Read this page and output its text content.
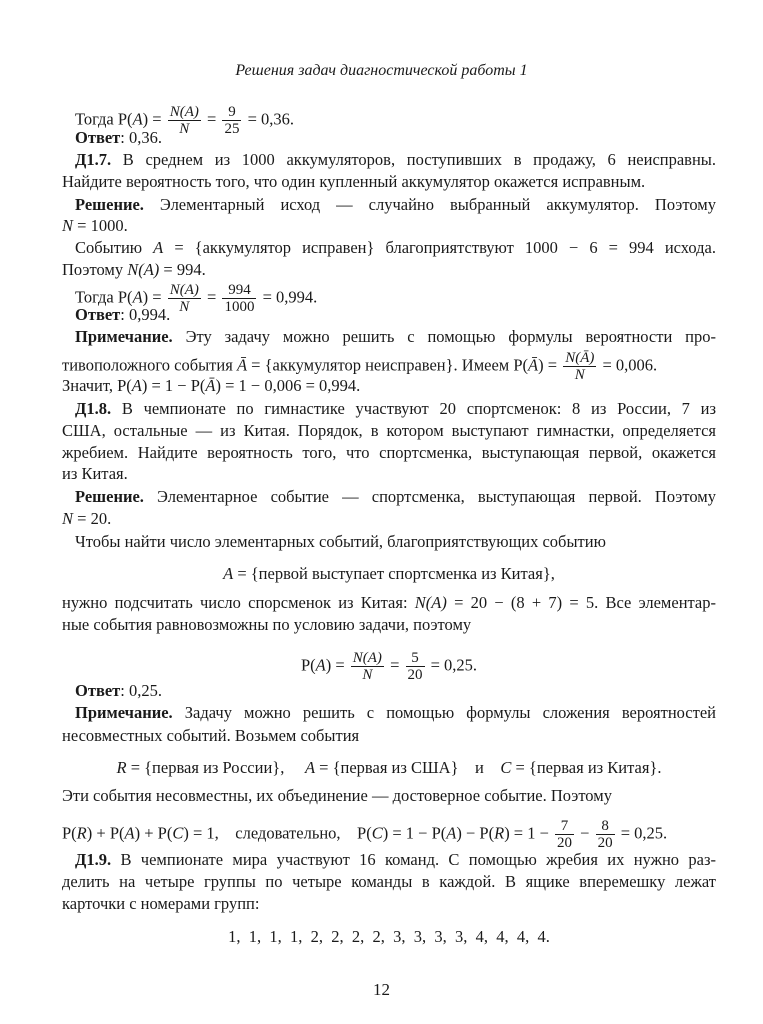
Решения задач диагностической работы 1
Тогда $P(A) = \frac{N(A)}{N} = \frac{9}{25} = 0,36$.
Ответ: 0,36.
Д1.7. В среднем из 1000 аккумуляторов, поступивших в продажу, 6 неисправны.
Найдите вероятность того, что один купленный аккумулятор окажется исправным.
Решение. Элементарный исход — случайно выбранный аккумулятор. Поэтому
N = 1000.
Событию A = {аккумулятор исправен} благоприятствуют 1000 − 6 = 994 исхода.
Поэтому N(A) = 994.
Тогда $P(A) = \frac{N(A)}{N} = \frac{994}{1000} = 0,994$.
Ответ: 0,994.
Примечание. Эту задачу можно решить с помощью формулы вероятности про-
тивоположного события Ā = {аккумулятор неисправен}. Имеем P(Ā) = $\frac{N(Ā)}{N} = 0,006$.
Значит, P(A) = 1 − P(Ā) = 1 − 0,006 = 0,994.
Д1.8. В чемпионате по гимнастике участвуют 20 спортсменок: 8 из России, 7 из
США, остальные — из Китая. Порядок, в котором выступают гимнастки, определяется
жребием. Найдите вероятность того, что спортсменка, выступающая первой, окажется
из Китая.
Решение. Элементарное событие — спортсменка, выступающая первой. Поэтому
N = 20.
Чтобы найти число элементарных событий, благоприятствующих событию
A = {первой выступает спортсменка из Китая},
нужно подсчитать число спорсменок из Китая: N(A) = 20 − (8 + 7) = 5. Все элементар-
ные события равновозможны по условию задачи, поэтому
$P(A) = \frac{N(A)}{N} = \frac{5}{20} = 0,25$.
Ответ: 0,25.
Примечание. Задачу можно решить с помощью формулы сложения вероятностей
несовместных событий. Возьмем события
R = {первая из России},     A = {первая из США}    и    C = {первая из Китая}.
Эти события несовместны, их объединение — достоверное событие. Поэтому
P(R) + P(A) + P(C) = 1,    следовательно,    $P(C) = 1 - P(A) - P(R) = 1 - \frac{7}{20} - \frac{8}{20} = 0,25$.
Д1.9. В чемпионате мира участвуют 16 команд. С помощью жребия их нужно раз-
делить на четыре группы по четыре команды в каждой. В ящике вперемешку лежат
карточки с номерами групп:
1,  1,  1,  1,  2,  2,  2,  2,  3,  3,  3,  3,  4,  4,  4,  4.
12
